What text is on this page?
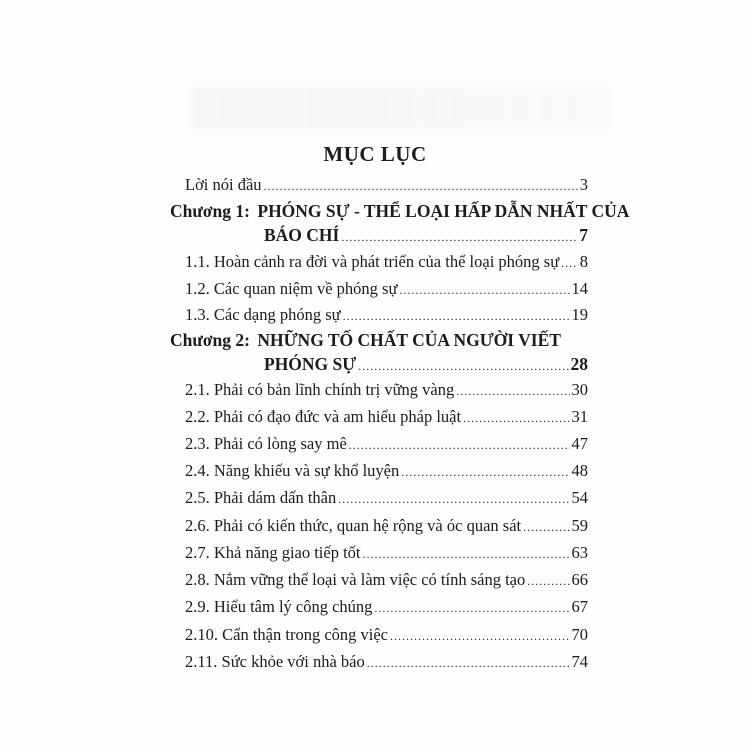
MỤC LỤC
Lời nói đầu .....	3
Chương 1: PHÓNG SỰ - THỂ LOẠI HẤP DẪN NHẤT CỦA
BÁO CHÍ .....	7
1.1. Hoàn cảnh ra đời và phát triển của thể loại phóng sự ..... 8
1.2. Các quan niệm về phóng sự .....	14
1.3. Các dạng phóng sự .....	19
Chương 2: NHỮNG TỐ CHẤT CỦA NGƯỜI VIẾT
PHÓNG SỰ .....	28
2.1. Phải có bản lĩnh chính trị vững vàng .....	30
2.2. Phải có đạo đức và am hiểu pháp luật .....	31
2.3. Phải có lòng say mê .....	47
2.4. Năng khiếu và sự khổ luyện .....	48
2.5. Phải dám dấn thân .....	54
2.6. Phải có kiến thức, quan hệ rộng và óc quan sát .....	59
2.7. Khả năng giao tiếp tốt .....	63
2.8. Nắm vững thể loại và làm việc có tính sáng tạo .....	66
2.9. Hiểu tâm lý công chúng .....	67
2.10. Cẩn thận trong công việc .....	70
2.11. Sức khỏe với nhà báo .....	74
